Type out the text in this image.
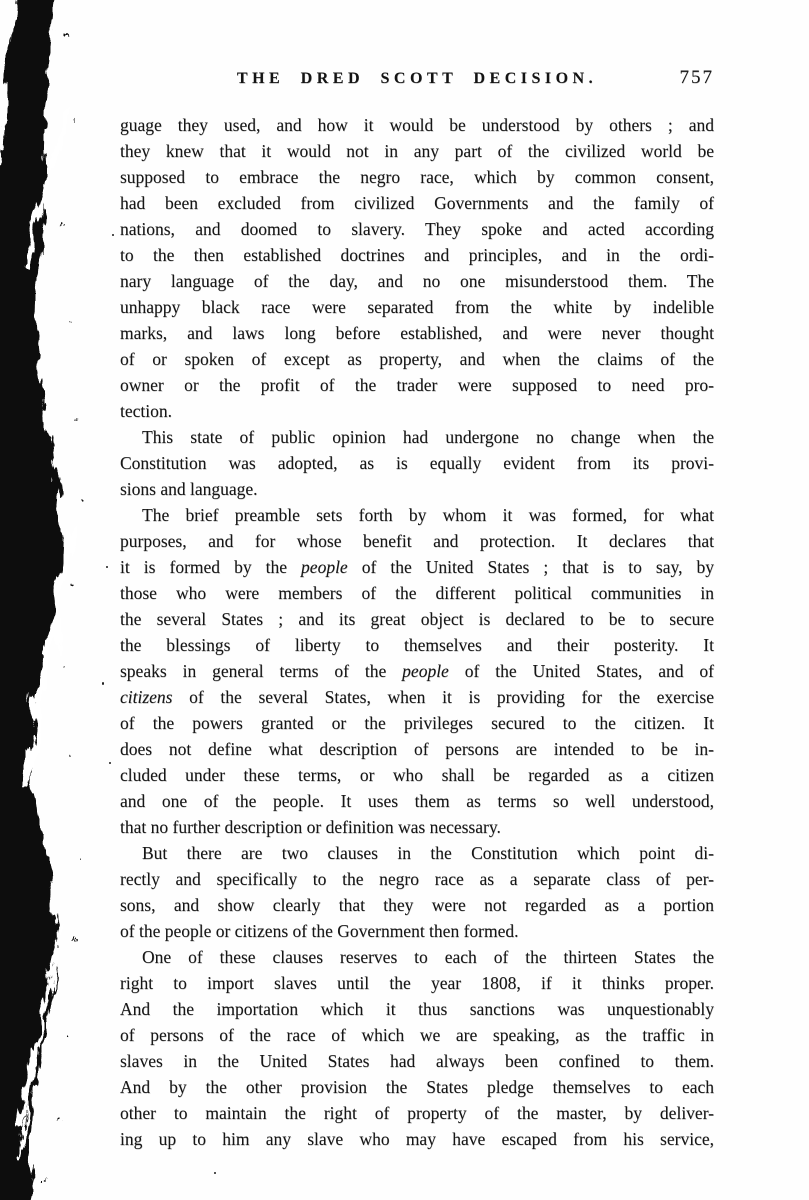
THE DRED SCOTT DECISION.	757
guage they used, and how it would be understood by others ; and
they knew that it would not in any part of the civilized world be
supposed to embrace the negro race, which by common consent,
had been excluded from civilized Governments and the family of
nations, and doomed to slavery. They spoke and acted according
to the then established doctrines and principles, and in the ordi-
nary language of the day, and no one misunderstood them. The
unhappy black race were separated from the white by indelible
marks, and laws long before established, and were never thought
of or spoken of except as property, and when the claims of the
owner or the profit of the trader were supposed to need pro-
tection.
This state of public opinion had undergone no change when the
Constitution was adopted, as is equally evident from its provi-
sions and language.
The brief preamble sets forth by whom it was formed, for what
purposes, and for whose benefit and protection. It declares that
it is formed by the people of the United States ; that is to say, by
those who were members of the different political communities in
the several States ; and its great object is declared to be to secure
the blessings of liberty to themselves and their posterity. It
speaks in general terms of the people of the United States, and of
citizens of the several States, when it is providing for the exercise
of the powers granted or the privileges secured to the citizen. It
does not define what description of persons are intended to be in-
cluded under these terms, or who shall be regarded as a citizen
and one of the people. It uses them as terms so well understood,
that no further description or definition was necessary.
But there are two clauses in the Constitution which point di-
rectly and specifically to the negro race as a separate class of per-
sons, and show clearly that they were not regarded as a portion
of the people or citizens of the Government then formed.
One of these clauses reserves to each of the thirteen States the
right to import slaves until the year 1808, if it thinks proper.
And the importation which it thus sanctions was unquestionably
of persons of the race of which we are speaking, as the traffic in
slaves in the United States had always been confined to them.
And by the other provision the States pledge themselves to each
other to maintain the right of property of the master, by deliver-
ing up to him any slave who may have escaped from his service,
